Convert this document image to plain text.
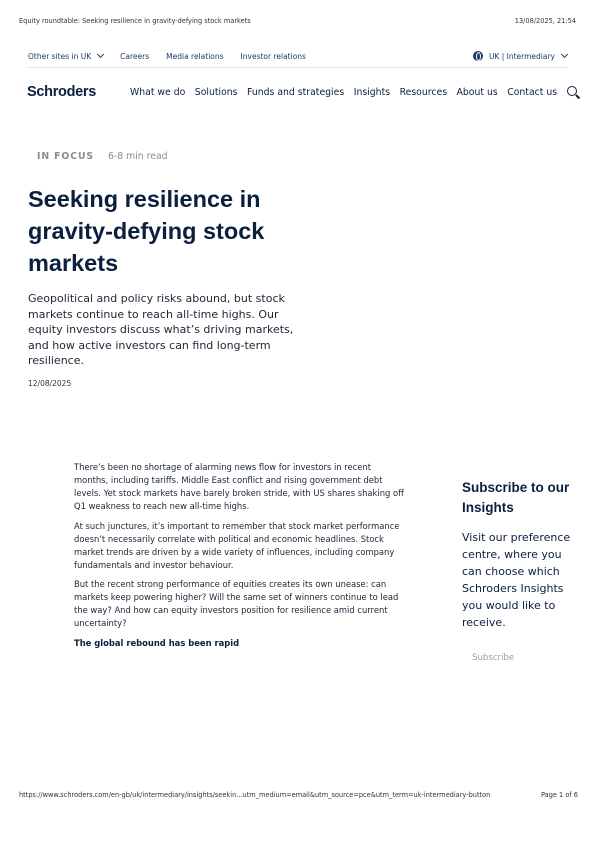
Equity roundtable: Seeking resilience in gravity-defying stock markets	13/08/2025, 21:54
Other sites in UK	Careers Media relations Investor relations	UK | Intermediary
Schroders	What we do Solutions Funds and strategies Insights Resources About us Contact us
IN FOCUS 6-8 min read
Seeking resilience in gravity-defying stock markets

Geopolitical and policy risks abound, but stock markets continue to reach all-time highs. Our equity investors discuss what’s driving markets, and how active investors can find long-term resilience.

12/08/2025

There’s been no shortage of alarming news flow for investors in recent months, including tariffs. Middle East conflict and rising government debt levels. Yet stock markets have barely broken stride, with US shares shaking off Q1 weakness to reach new all-time highs.

At such junctures, it’s important to remember that stock market performance doesn’t necessarily correlate with political and economic headlines. Stock market trends are driven by a wide variety of influences, including company fundamentals and investor behaviour.

But the recent strong performance of equities creates its own unease: can markets keep powering higher? Will the same set of winners continue to lead the way? And how can equity investors position for resilience amid current uncertainty?

The global rebound has been rapid

Subscribe to our Insights

Visit our preference centre, where you can choose which Schroders Insights you would like to receive.

Subscribe
https://www.schroders.com/en-gb/uk/intermediary/insights/seekin...utm_medium=email&utm_source=pce&utm_term=uk-intermediary-button	Page 1 of 6
